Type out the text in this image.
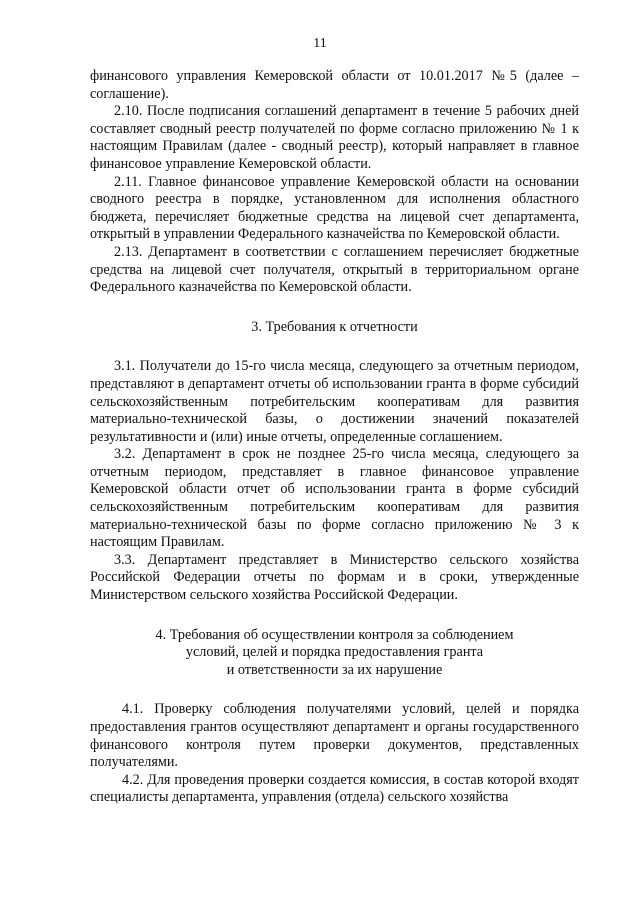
11

финансового управления Кемеровской области от 10.01.2017 №5 (далее – соглашение).

2.10. После подписания соглашений департамент в течение 5 рабочих дней составляет сводный реестр получателей по форме согласно приложению № 1 к настоящим Правилам (далее - сводный реестр), который направляет в главное финансовое управление Кемеровской области.

2.11. Главное финансовое управление Кемеровской области на основании сводного реестра в порядке, установленном для исполнения областного бюджета, перечисляет бюджетные средства на лицевой счет департамента, открытый в управлении Федерального казначейства по Кемеровской области.

2.13. Департамент в соответствии с соглашением перечисляет бюджетные средства на лицевой счет получателя, открытый в территориальном органе Федерального казначейства по Кемеровской области.

3. Требования к отчетности

3.1. Получатели до 15-го числа месяца, следующего за отчетным периодом, представляют в департамент отчеты об использовании гранта в форме субсидий сельскохозяйственным потребительским кооперативам для развития материально-технической базы, о достижении значений показателей результативности и (или) иные отчеты, определенные соглашением.

3.2. Департамент в срок не позднее 25-го числа месяца, следующего за отчетным периодом, представляет в главное финансовое управление Кемеровской области отчет об использовании гранта в форме субсидий сельскохозяйственным потребительским кооперативам для развития материально-технической базы по форме согласно приложению № 3 к настоящим Правилам.

3.3. Департамент представляет в Министерство сельского хозяйства Российской Федерации отчеты по формам и в сроки, утвержденные Министерством сельского хозяйства Российской Федерации.

4. Требования об осуществлении контроля за соблюдением
условий, целей и порядка предоставления гранта
и ответственности за их нарушение

4.1. Проверку соблюдения получателями условий, целей и порядка предоставления грантов осуществляют департамент и органы государственного финансового контроля путем проверки документов, представленных получателями.

4.2. Для проведения проверки создается комиссия, в состав которой входят специалисты департамента, управления (отдела) сельского хозяйства
